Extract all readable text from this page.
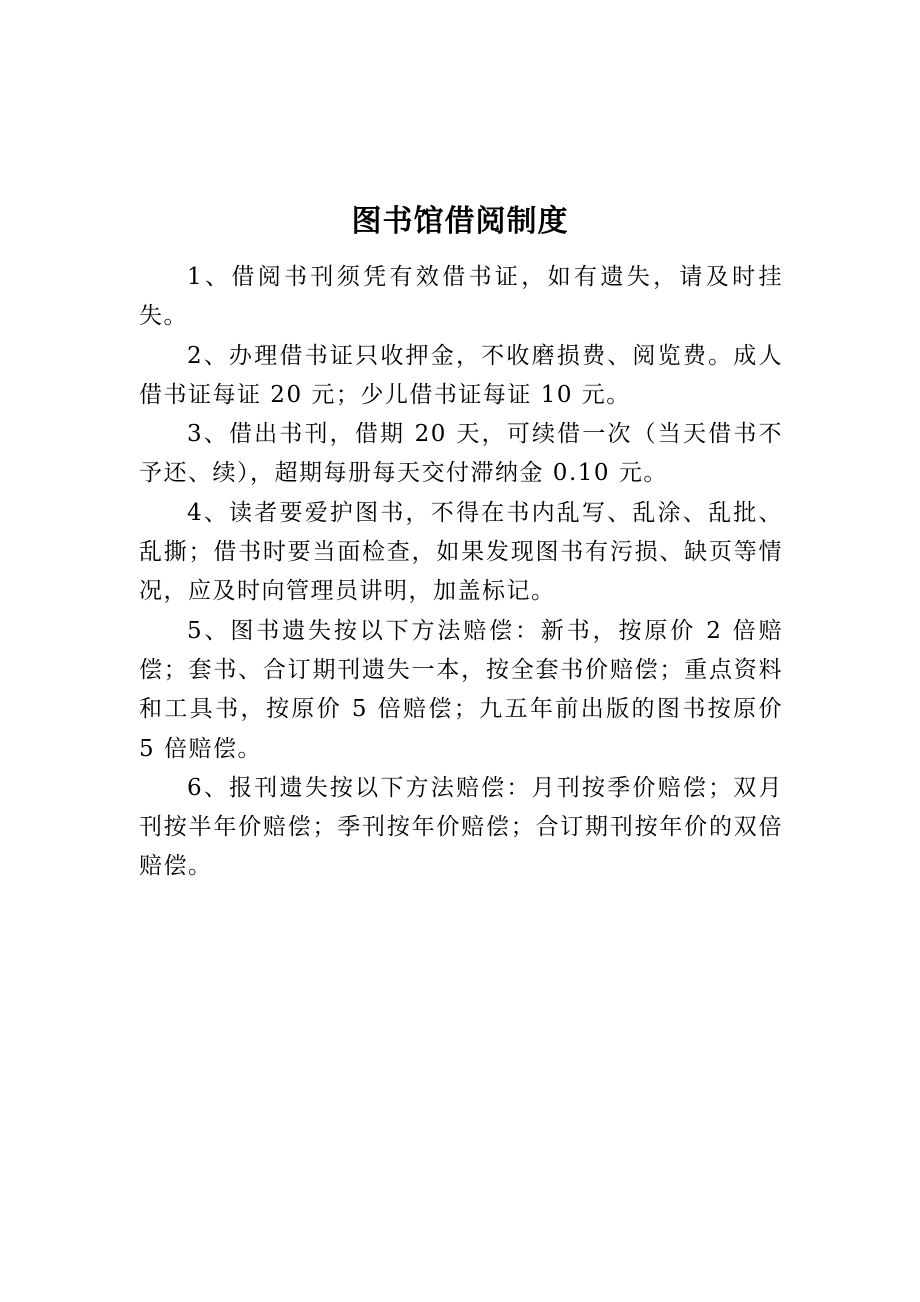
图书馆借阅制度

1、借阅书刊须凭有效借书证，如有遗失，请及时挂失。

2、办理借书证只收押金，不收磨损费、阅览费。成人借书证每证 20 元；少儿借书证每证 10 元。

3、借出书刊，借期 20 天，可续借一次（当天借书不予还、续），超期每册每天交付滞纳金 0.10 元。

4、读者要爱护图书，不得在书内乱写、乱涂、乱批、乱撕；借书时要当面检查，如果发现图书有污损、缺页等情况，应及时向管理员讲明，加盖标记。

5、图书遗失按以下方法赔偿：新书，按原价 2 倍赔偿；套书、合订期刊遗失一本，按全套书价赔偿；重点资料和工具书，按原价 5 倍赔偿；九五年前出版的图书按原价 5 倍赔偿。

6、报刊遗失按以下方法赔偿：月刊按季价赔偿；双月刊按半年价赔偿；季刊按年价赔偿；合订期刊按年价的双倍赔偿。
